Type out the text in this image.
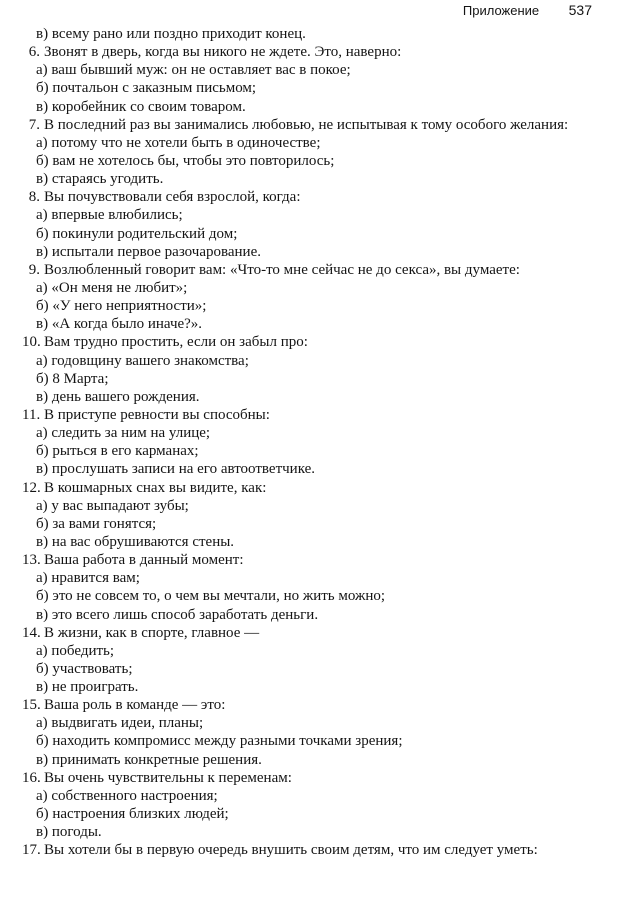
Приложение 537
в) всему рано или поздно приходит конец.
6. Звонят в дверь, когда вы никого не ждете. Это, наверно:
а) ваш бывший муж: он не оставляет вас в покое;
б) почтальон с заказным письмом;
в) коробейник со своим товаром.
7. В последний раз вы занимались любовью, не испытывая к тому особого желания:
а) потому что не хотели быть в одиночестве;
б) вам не хотелось бы, чтобы это повторилось;
в) стараясь угодить.
8. Вы почувствовали себя взрослой, когда:
а) впервые влюбились;
б) покинули родительский дом;
в) испытали первое разочарование.
9. Возлюбленный говорит вам: «Что-то мне сейчас не до секса», вы думаете:
а) «Он меня не любит»;
б) «У него неприятности»;
в) «А когда было иначе?».
10. Вам трудно простить, если он забыл про:
а) годовщину вашего знакомства;
б) 8 Марта;
в) день вашего рождения.
11. В приступе ревности вы способны:
а) следить за ним на улице;
б) рыться в его карманах;
в) прослушать записи на его автоответчике.
12. В кошмарных снах вы видите, как:
а) у вас выпадают зубы;
б) за вами гонятся;
в) на вас обрушиваются стены.
13. Ваша работа в данный момент:
а) нравится вам;
б) это не совсем то, о чем вы мечтали, но жить можно;
в) это всего лишь способ заработать деньги.
14. В жизни, как в спорте, главное —
а) победить;
б) участвовать;
в) не проиграть.
15. Ваша роль в команде — это:
а) выдвигать идеи, планы;
б) находить компромисс между разными точками зрения;
в) принимать конкретные решения.
16. Вы очень чувствительны к переменам:
а) собственного настроения;
б) настроения близких людей;
в) погоды.
17. Вы хотели бы в первую очередь внушить своим детям, что им следует уметь:
